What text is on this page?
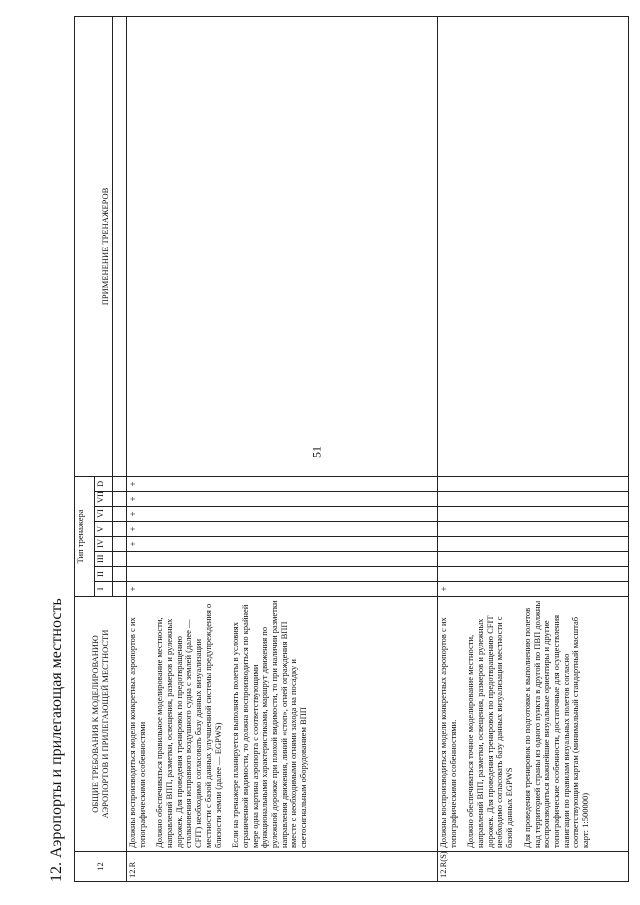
51
12. Аэропорты и прилегающая местность	12	ОБЩИЕ ТРЕБОВАНИЯ К МОДЕЛИРОВАНИЮ АЭРОПОРТОВ И ПРИЛЕГАЮЩЕЙ МЕСТНОСТИ	Тип тренажера								ПРИМЕНЕНИЕ ТРЕНАЖЕРОВ
		I	II	III	IV	V	VI	VII	D	

12.R	Должны воспроизводиться модели конкретных аэропортов с их топографическими особенностями Должно обеспечиваться правильное моделирование местности, направлений ВПП, разметки, освещения, размеров и рулежных дорожек. Для проведения тренировок по предотвращению столкновения исправного воздушного судна с землей (далее — CFIT) необходимо согласовать базу данных визуализации местности с базой данных улучшенной системы предупреждения о близости земли (далее — EGPWS) Если на тренажере планируется выполнять полеты в условиях ограниченной видимости, то должна воспроизводиться по крайней мере одна картина аэропорта с соответствующими функциональными характеристиками, маршрут движения по рулежной дорожке при плохой видимости, то при наличии разметки направления движения, линий «стоп», огней ограждения ВПП вместе с необходимыми огнями захода на посадку и светосигнальным оборудованием ВПП	+			+	+	+	+	+	
12.R(S)	Должны воспроизводиться модели конкретных аэропортов с их топографическими особенностями. Должно обеспечиваться точное моделирование местности, направлений ВПП, разметки, освещения, размеров и рулежных дорожек. Для проведения тренировок по предотвращению CFIT необходимо согласовать базу данных визуализации местности с базой данных EGPWS Для проведения тренировок по подготовке к выполнению полетов над территорией страны из одного пункта в другой по ПВП должны воспроизводиться важнейшие визуальные ориентиры и другие топографические особенности, достаточные для осуществления навигации по правилам визуальных полетов согласно соответствующим картам (минимальный стандартный масштаб карт: 1:500000)	+								
